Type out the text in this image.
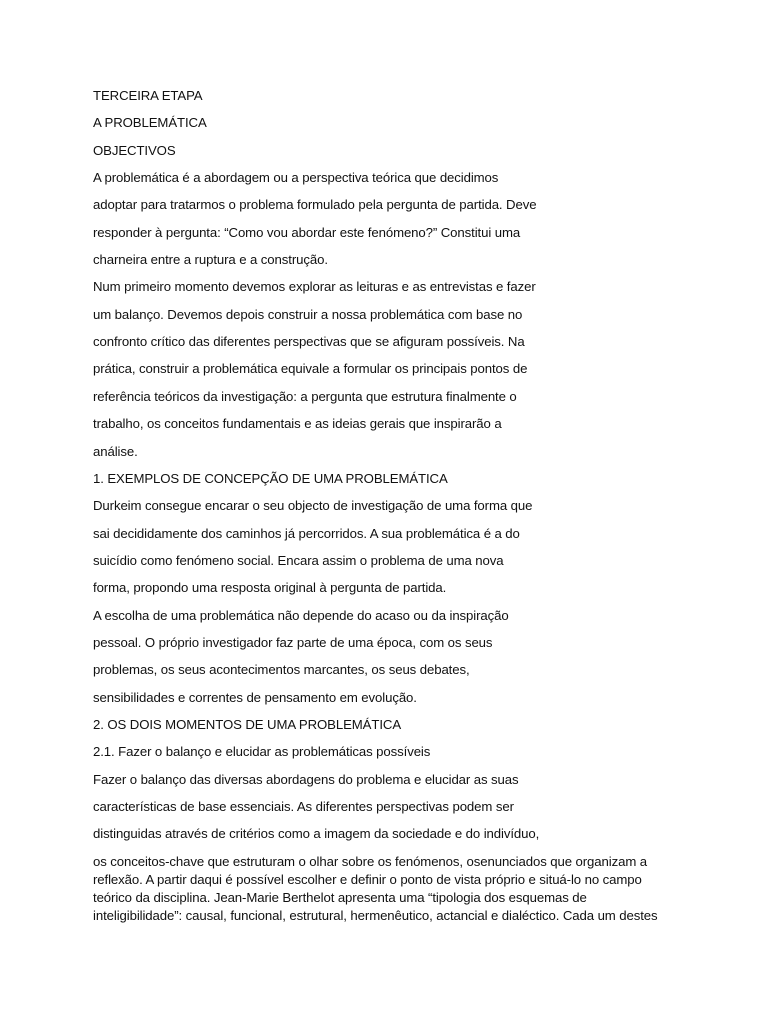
TERCEIRA ETAPA
A PROBLEMÁTICA
OBJECTIVOS
A problemática é a abordagem ou a perspectiva teórica que decidimos
adoptar para tratarmos o problema formulado pela pergunta de partida. Deve
responder à pergunta: “Como vou abordar este fenómeno?” Constitui uma
charneira entre a ruptura e a construção.
Num primeiro momento devemos explorar as leituras e as entrevistas e fazer
um balanço. Devemos depois construir a nossa problemática com base no
confronto crítico das diferentes perspectivas que se afiguram possíveis. Na
prática, construir a problemática equivale a formular os principais pontos de
referência teóricos da investigação: a pergunta que estrutura finalmente o
trabalho, os conceitos fundamentais e as ideias gerais que inspirarão a
análise.
1. EXEMPLOS DE CONCEPÇÃO DE UMA PROBLEMÁTICA
Durkeim consegue encarar o seu objecto de investigação de uma forma que
sai decididamente dos caminhos já percorridos. A sua problemática é a do
suicídio como fenómeno social. Encara assim o problema de uma nova
forma, propondo uma resposta original à pergunta de partida.
A escolha de uma problemática não depende do acaso ou da inspiração
pessoal. O próprio investigador faz parte de uma época, com os seus
problemas, os seus acontecimentos marcantes, os seus debates,
sensibilidades e correntes de pensamento em evolução.
2. OS DOIS MOMENTOS DE UMA PROBLEMÁTICA
2.1. Fazer o balanço e elucidar as problemáticas possíveis
Fazer o balanço das diversas abordagens do problema e elucidar as suas
características de base essenciais. As diferentes perspectivas podem ser
distinguidas através de critérios como a imagem da sociedade e do indivíduo,
os conceitos-chave que estruturam o olhar sobre os fenómenos, osenunciados que organizam a
reflexão. A partir daqui é possível escolher e definir o ponto de vista próprio e situá-lo no campo
teórico da disciplina. Jean-Marie Berthelot apresenta uma “tipologia dos esquemas de
inteligibilidade”: causal, funcional, estrutural, hermenêutico, actancial e dialéctico. Cada um destes
